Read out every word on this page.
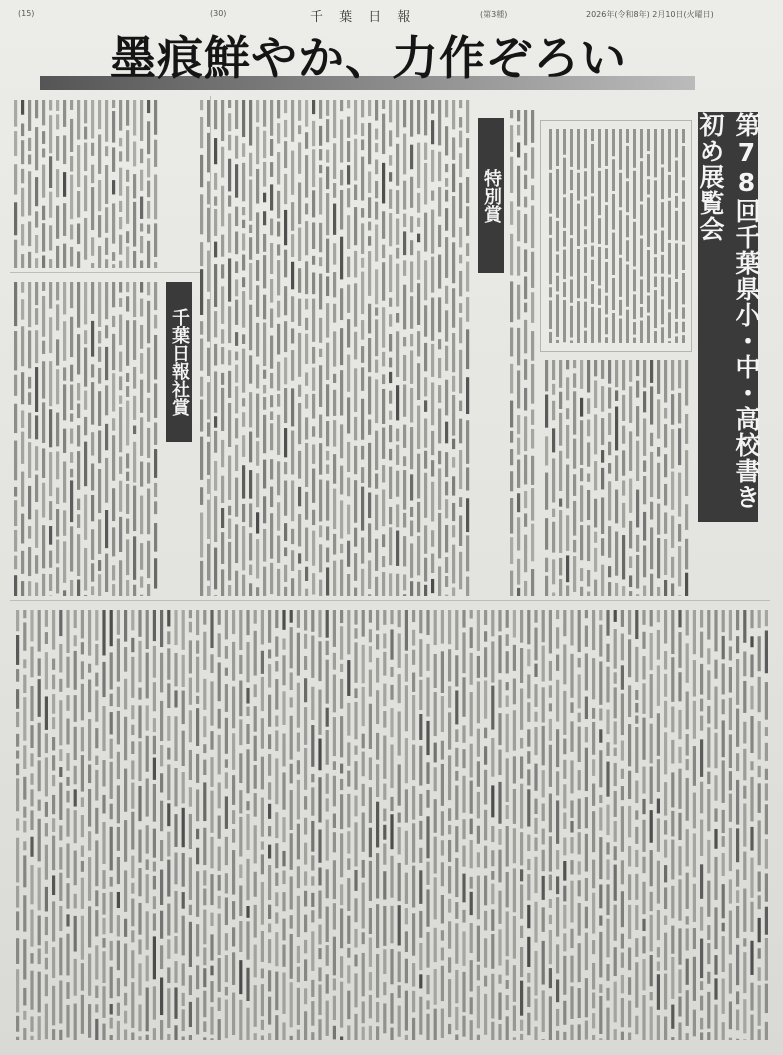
(15)	(30)	千 葉 日 報	(第3種)	2026年(令和8年) 2月10日(火曜日)
墨痕鮮やか、力作ぞろい
第78回千葉県小・中・高校書き初め展覧会
特別賞
千葉日報社賞
